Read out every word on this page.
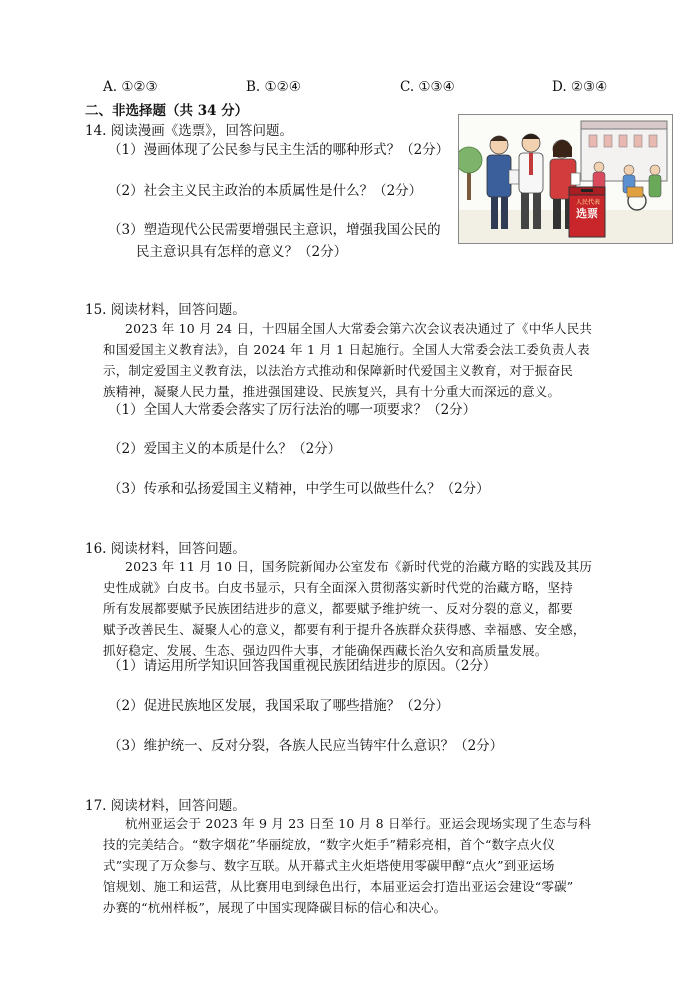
A. ①②③	B. ①②④	C. ①③④	D. ②③④
二、非选择题（共 34 分）
14. 阅读漫画《选票》，回答问题。
（1）漫画体现了公民参与民主生活的哪种形式？（2分）
（2）社会主义民主政治的本质属性是什么？（2分）
（3）塑造现代公民需要增强民主意识，增强我国公民的
民主意识具有怎样的意义？（2分）
人民代表
选票
15. 阅读材料，回答问题。
2023 年 10 月 24 日，十四届全国人大常委会第六次会议表决通过了《中华人民共
和国爱国主义教育法》，自 2024 年 1 月 1 日起施行。全国人大常委会法工委负责人表
示，制定爱国主义教育法，以法治方式推动和保障新时代爱国主义教育，对于振奋民
族精神，凝聚人民力量，推进强国建设、民族复兴，具有十分重大而深远的意义。
（1）全国人大常委会落实了厉行法治的哪一项要求？（2分）
（2）爱国主义的本质是什么？（2分）
（3）传承和弘扬爱国主义精神，中学生可以做些什么？（2分）
16. 阅读材料，回答问题。
2023 年 11 月 10 日，国务院新闻办公室发布《新时代党的治藏方略的实践及其历
史性成就》白皮书。白皮书显示，只有全面深入贯彻落实新时代党的治藏方略，坚持
所有发展都要赋予民族团结进步的意义，都要赋予维护统一、反对分裂的意义，都要
赋予改善民生、凝聚人心的意义，都要有利于提升各族群众获得感、幸福感、安全感，
抓好稳定、发展、生态、强边四件大事，才能确保西藏长治久安和高质量发展。
（1）请运用所学知识回答我国重视民族团结进步的原因。（2分）
（2）促进民族地区发展，我国采取了哪些措施？（2分）
（3）维护统一、反对分裂，各族人民应当铸牢什么意识？（2分）
17. 阅读材料，回答问题。
杭州亚运会于 2023 年 9 月 23 日至 10 月 8 日举行。亚运会现场实现了生态与科
技的完美结合。“数字烟花”华丽绽放，“数字火炬手”精彩亮相，首个“数字点火仪
式”实现了万众参与、数字互联。从开幕式主火炬塔使用零碳甲醇“点火”到亚运场
馆规划、施工和运营，从比赛用电到绿色出行，本届亚运会打造出亚运会建设“零碳”
办赛的“杭州样板”，展现了中国实现降碳目标的信心和决心。
